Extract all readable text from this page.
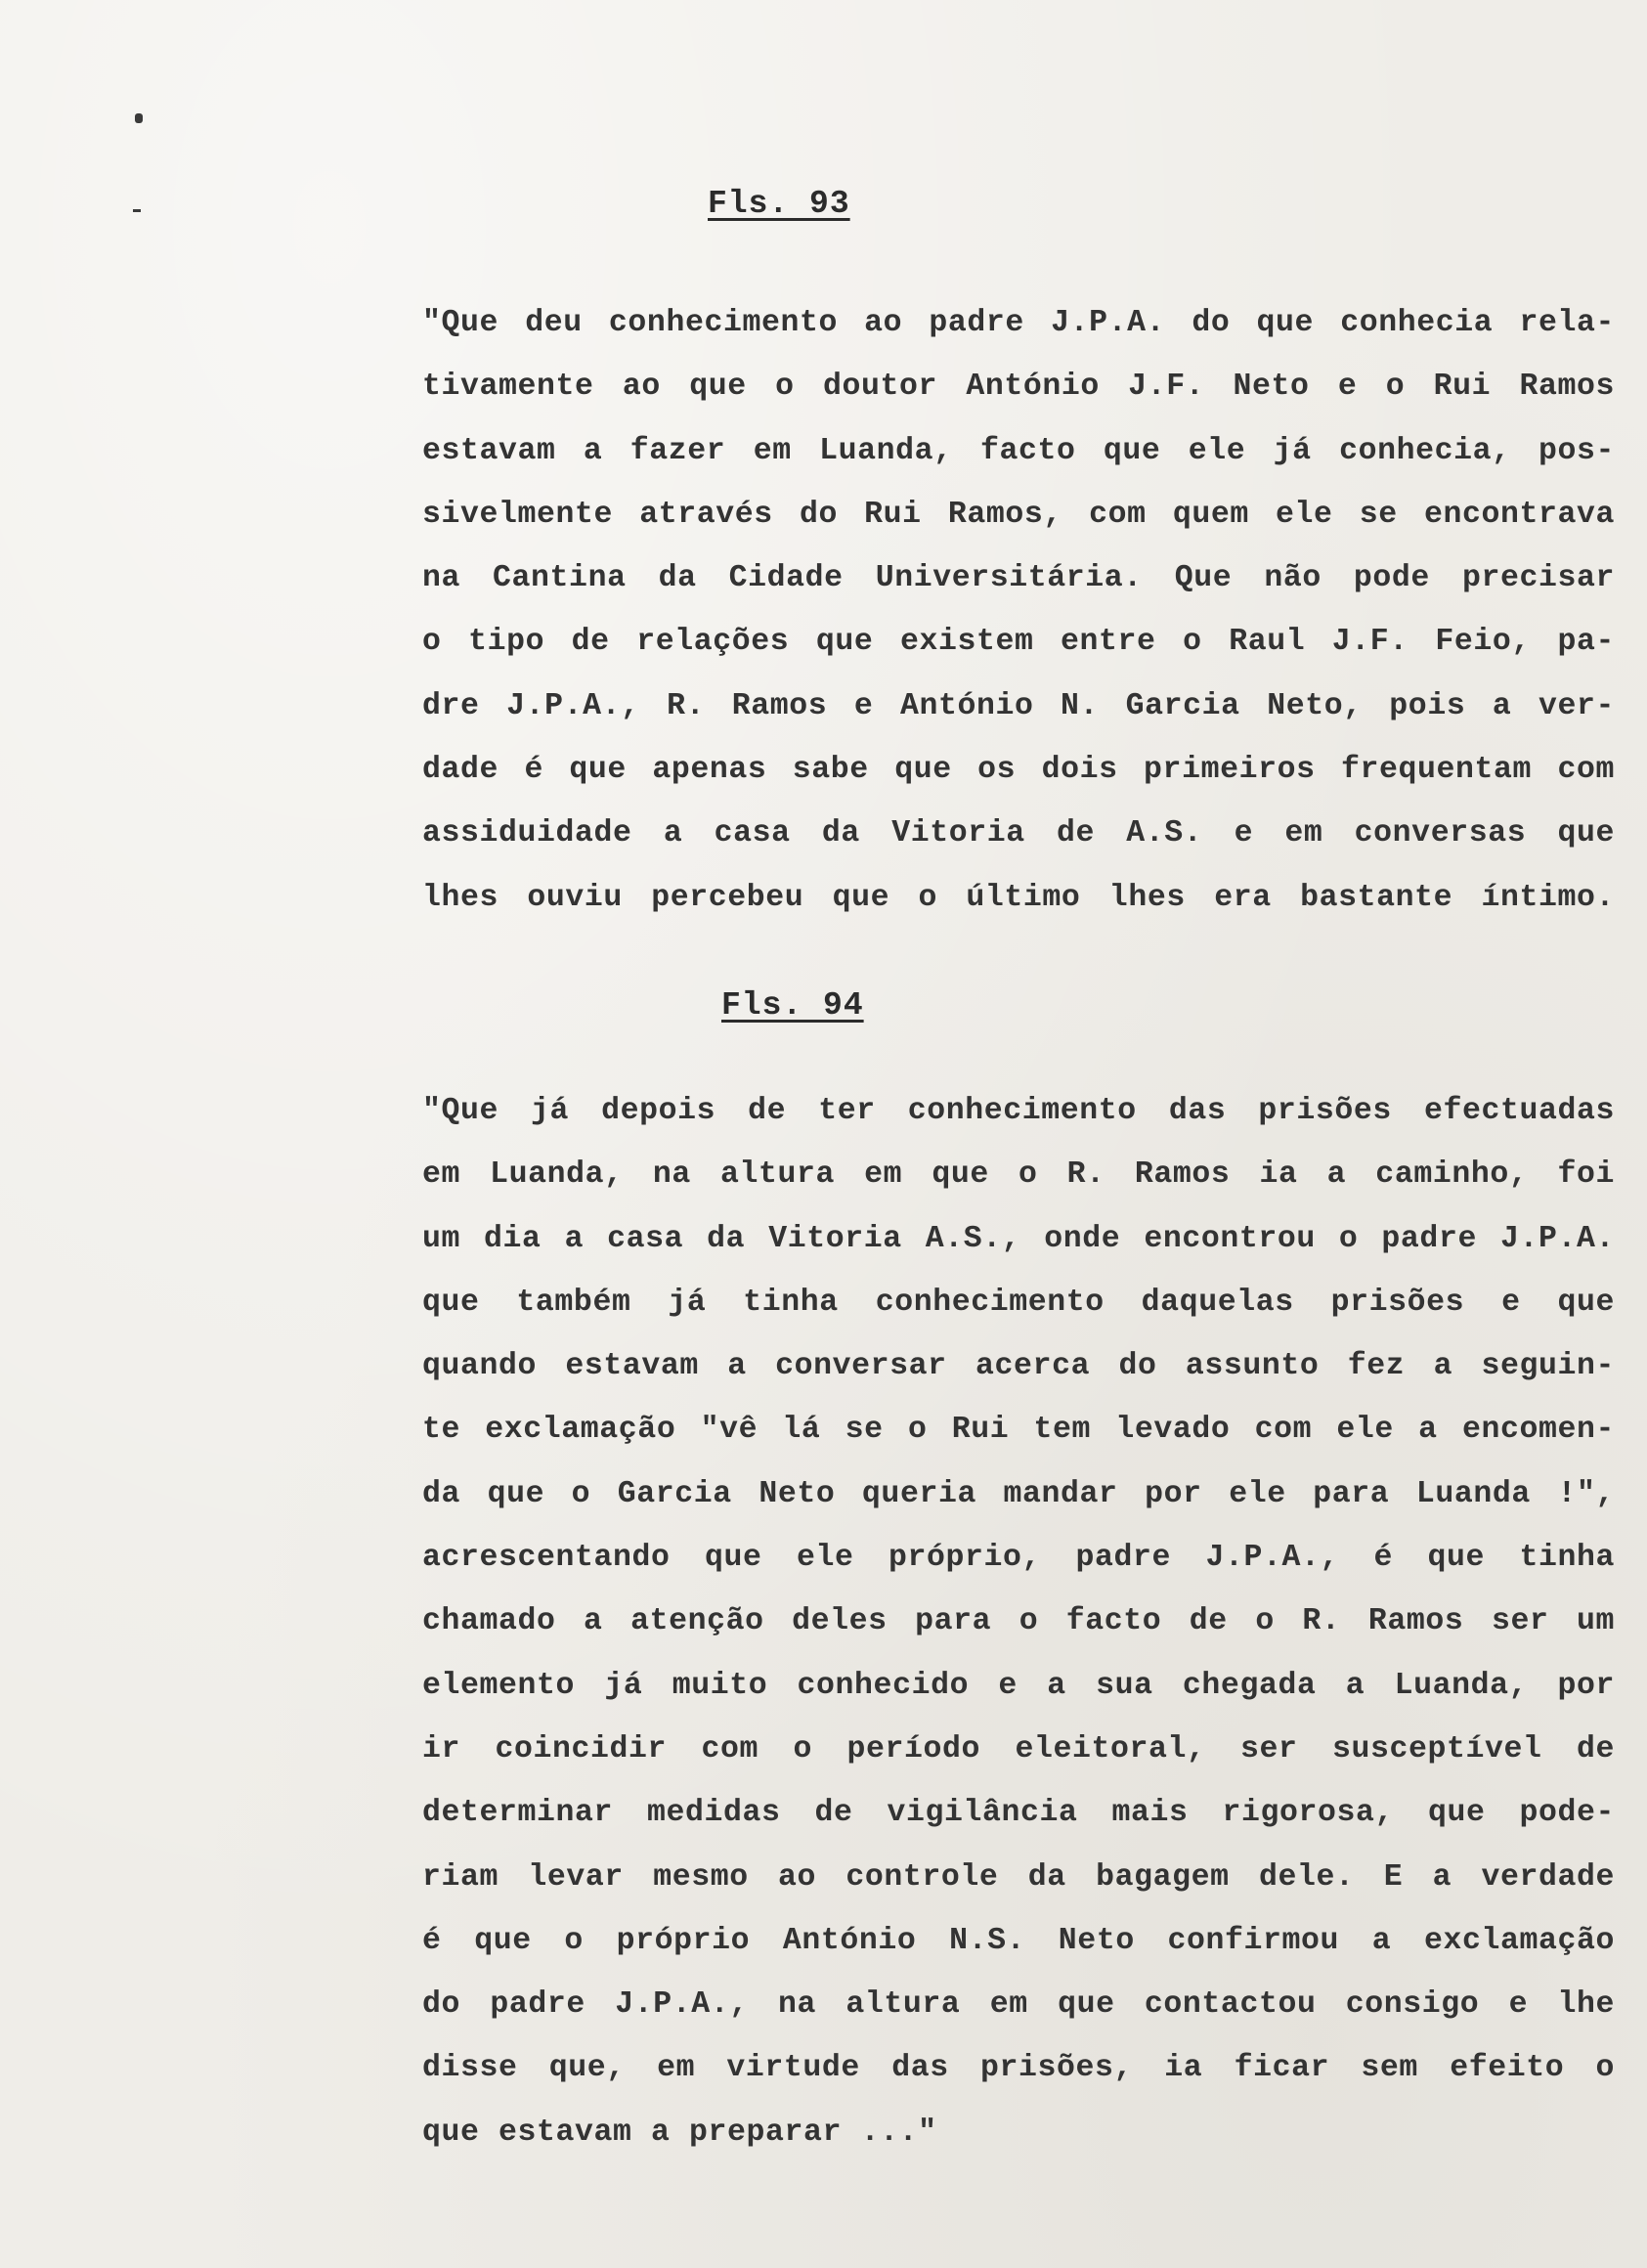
Fls. 93
"Que deu conhecimento ao padre J.P.A. do que conhecia rela-
tivamente ao que o doutor António J.F. Neto e o Rui Ramos
estavam a fazer em Luanda, facto que ele já conhecia, pos-
sivelmente através do Rui Ramos, com quem ele se encontrava
na Cantina da Cidade Universitária. Que não pode precisar
o tipo de relações que existem entre o Raul J.F. Feio, pa-
dre J.P.A., R. Ramos e António N. Garcia Neto, pois a ver-
dade é que apenas sabe que os dois primeiros frequentam com
assiduidade a casa da Vitoria de A.S. e em conversas que
lhes ouviu percebeu que o último lhes era bastante íntimo.
Fls. 94
"Que já depois de ter conhecimento das prisões efectuadas
em Luanda, na altura em que o R. Ramos ia a caminho, foi
um dia a casa da Vitoria A.S., onde encontrou o padre J.P.A.
que também já tinha conhecimento daquelas prisões e que
quando estavam a conversar acerca do assunto fez a seguin-
te exclamação "vê lá se o Rui tem levado com ele a encomen-
da que o Garcia Neto queria mandar por ele para Luanda !",
acrescentando que ele próprio, padre J.P.A., é que tinha
chamado a atenção deles para o facto de o R. Ramos ser um
elemento já muito conhecido e a sua chegada a Luanda, por
ir coincidir com o período eleitoral, ser susceptível de
determinar medidas de vigilância mais rigorosa, que pode-
riam levar mesmo ao controle da bagagem dele. E a verdade
é que o próprio António N.S. Neto confirmou a exclamação
do padre J.P.A., na altura em que contactou consigo e lhe
disse que, em virtude das prisões, ia ficar sem efeito o
que estavam a preparar ..."
